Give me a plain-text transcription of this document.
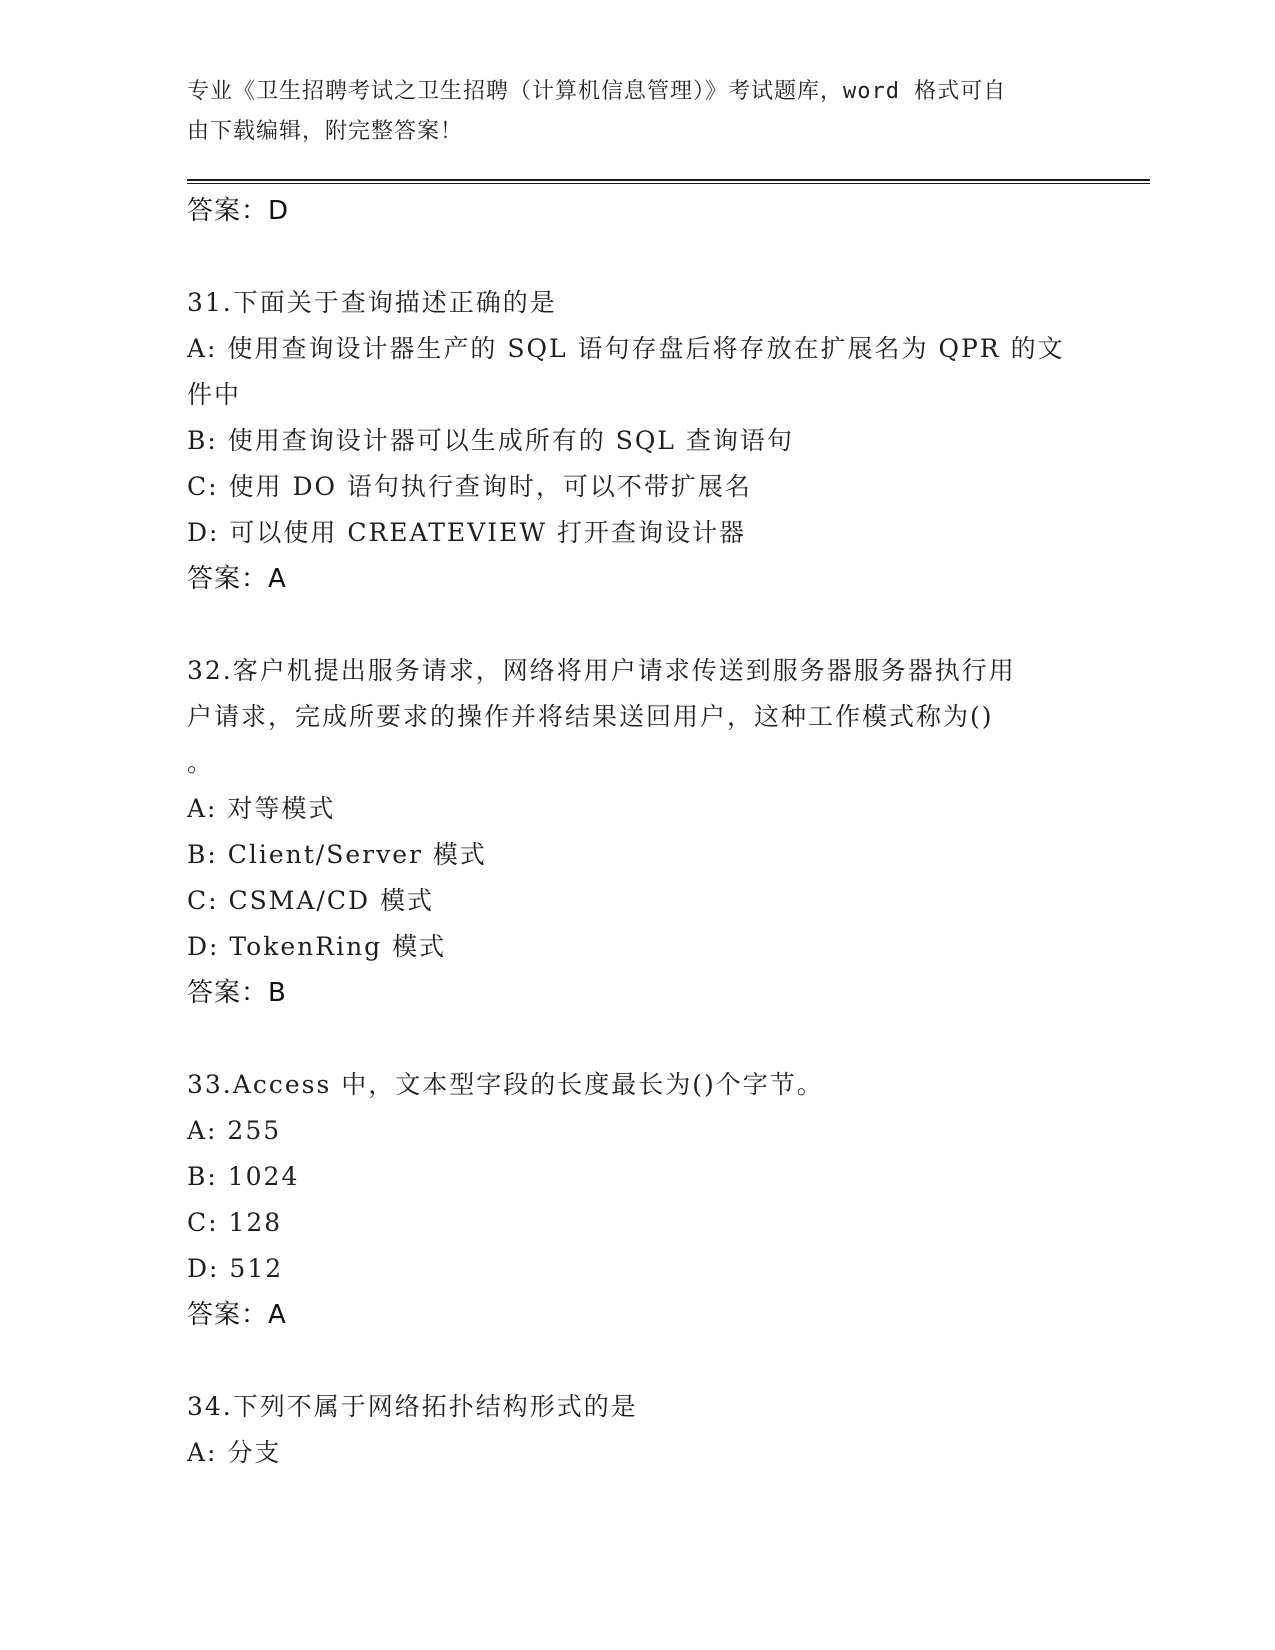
专业《卫生招聘考试之卫生招聘（计算机信息管理）》考试题库，word 格式可自
由下载编辑，附完整答案！
答案：D
31.下面关于查询描述正确的是
A: 使用查询设计器生产的 SQL 语句存盘后将存放在扩展名为 QPR 的文
件中
B: 使用查询设计器可以生成所有的 SQL 查询语句
C: 使用 DO 语句执行查询时，可以不带扩展名
D: 可以使用 CREATEVIEW 打开查询设计器
答案：A
32.客户机提出服务请求，网络将用户请求传送到服务器服务器执行用
户请求，完成所要求的操作并将结果送回用户，这种工作模式称为()
。
A: 对等模式
B: Client/Server 模式
C: CSMA/CD 模式
D: TokenRing 模式
答案：B
33.Access 中，文本型字段的长度最长为()个字节。
A: 255
B: 1024
C: 128
D: 512
答案：A
34.下列不属于网络拓扑结构形式的是
A: 分支
